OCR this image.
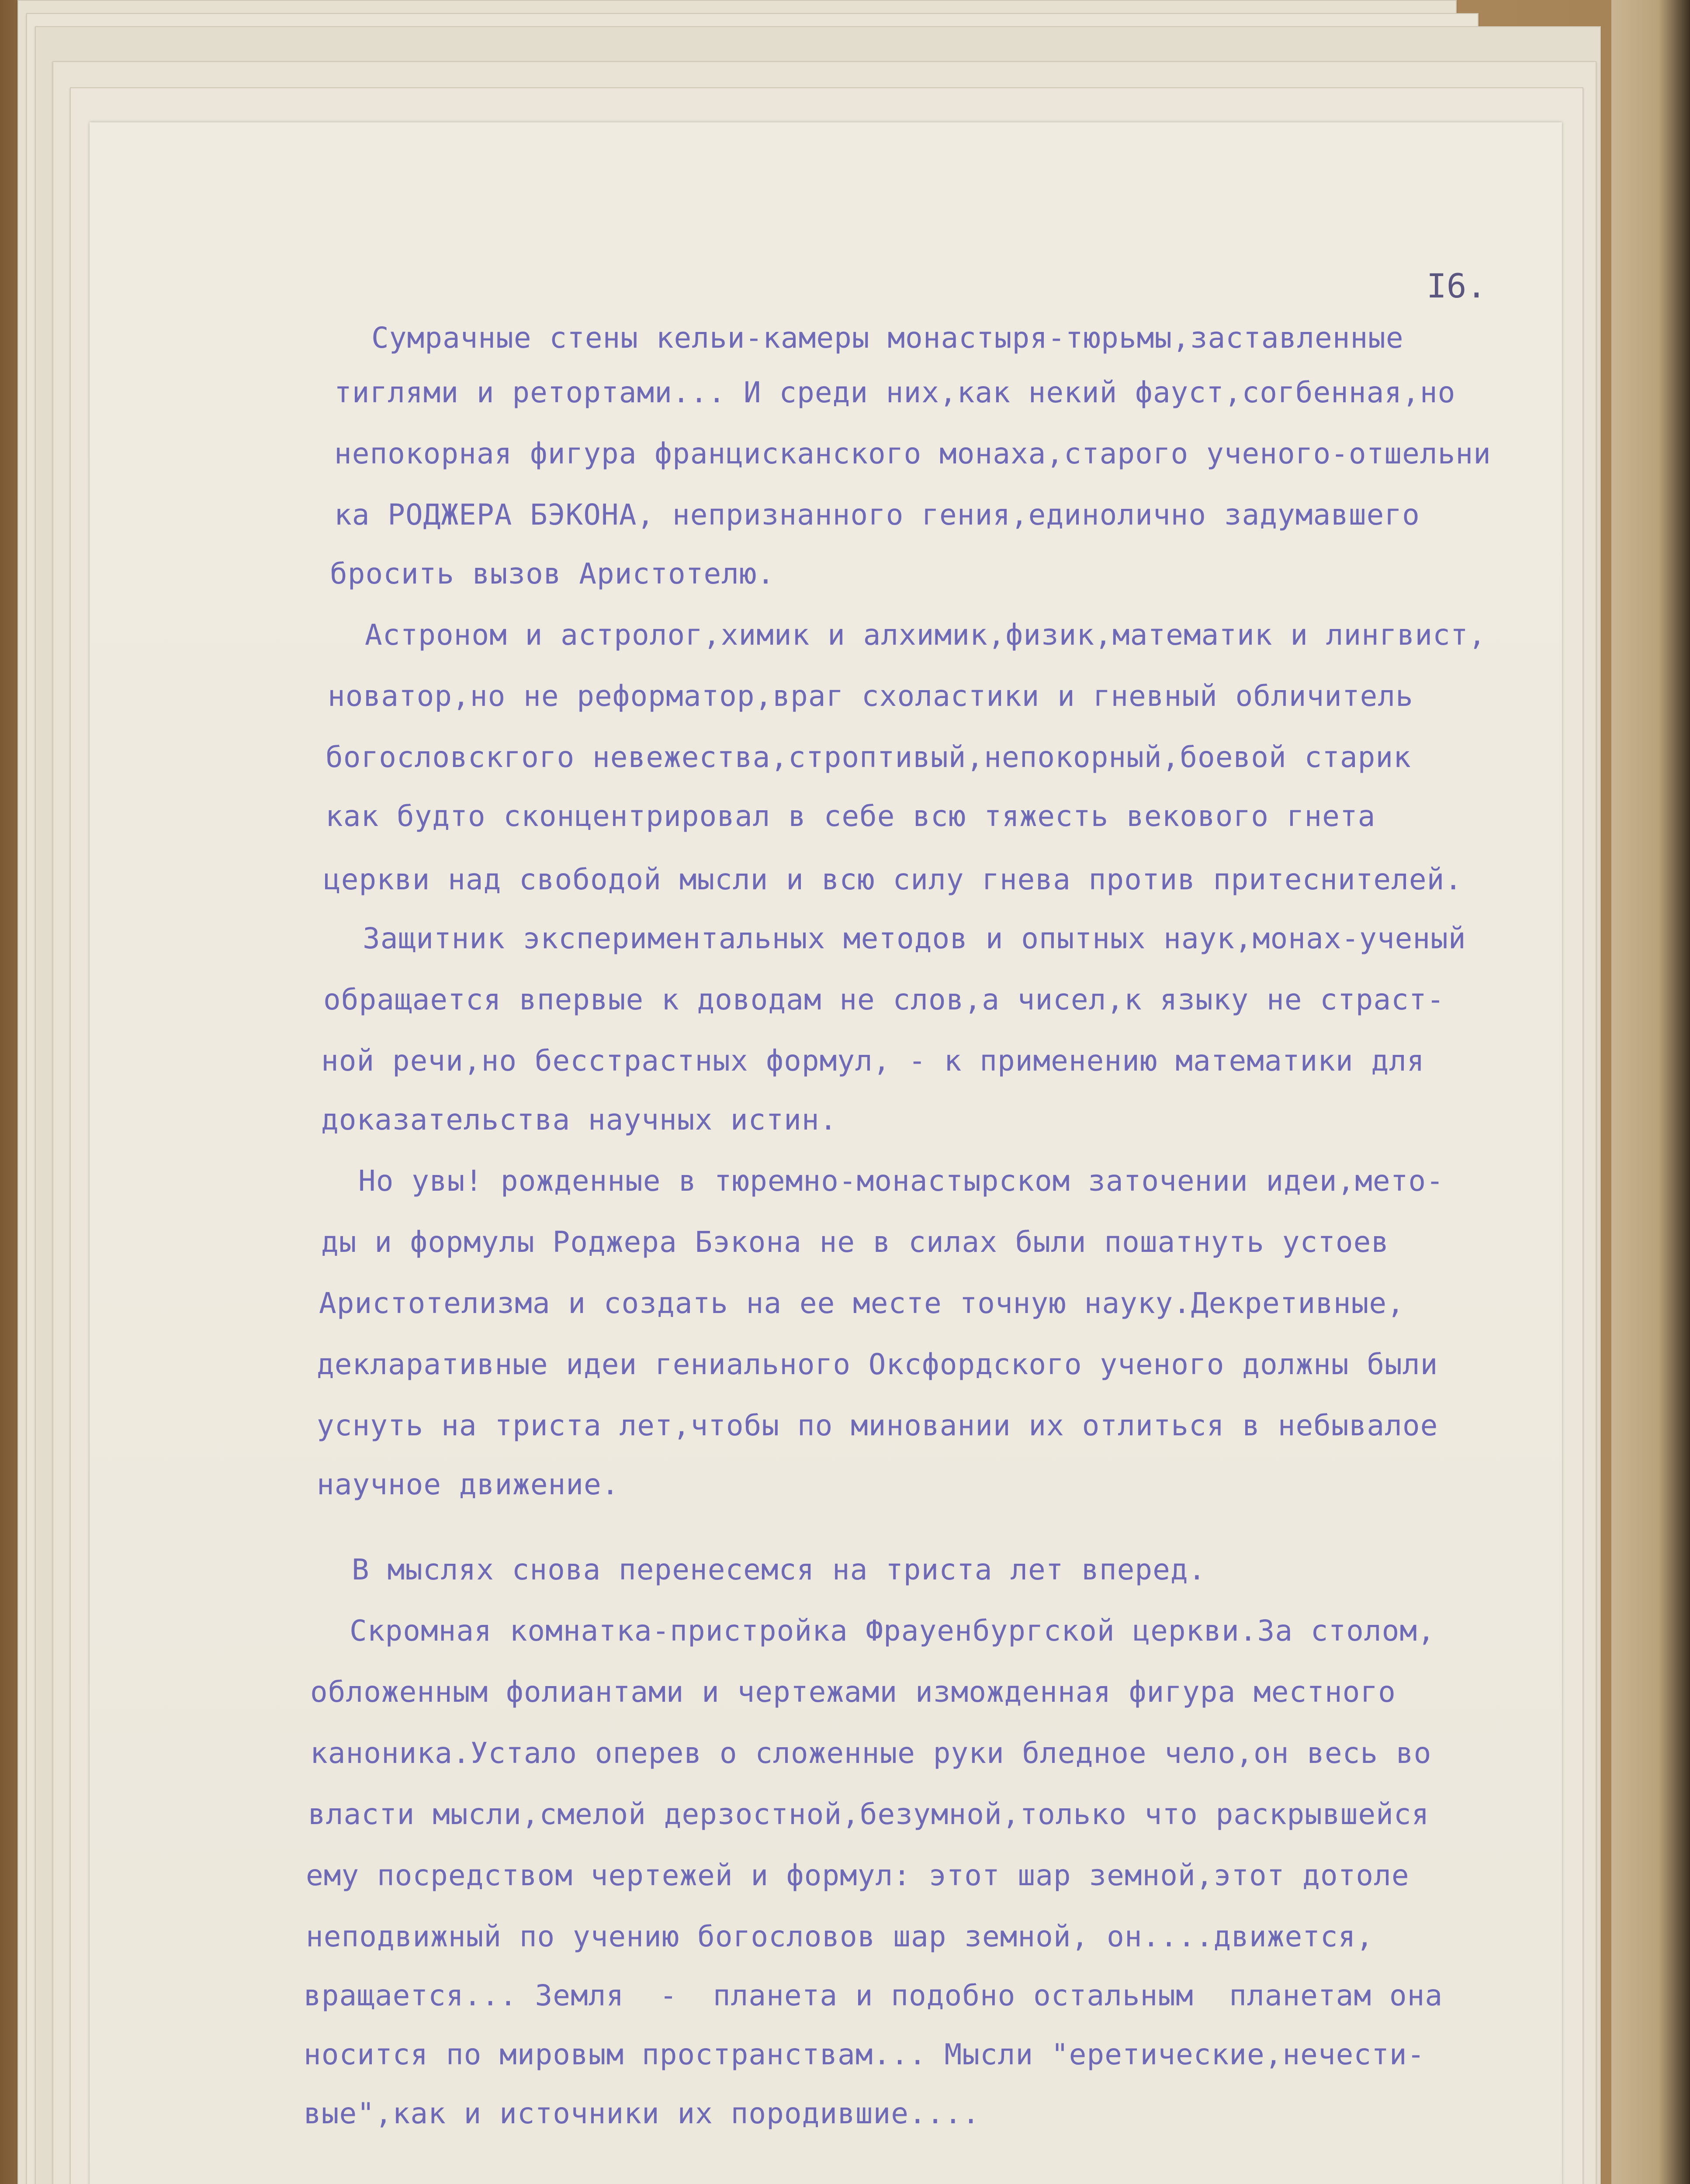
I6.
Сумрачные стены кельи-камеры монастыря-тюрьмы,заставленные
тиглями и ретортами... И среди них,как некий фауст,согбенная,но
непокорная фигура францисканского монаха,старого ученого-отшельни
ка РОДЖЕРА БЭКОНА, непризнанного гения,единолично задумавшего
бросить вызов Аристотелю.
Астроном и астролог,химик и алхимик,физик,математик и лингвист,
новатор,но не реформатор,враг схоластики и гневный обличитель
богословскгого невежества,строптивый,непокорный,боевой старик
как будто сконцентрировал в себе всю тяжесть векового гнета
церкви над свободой мысли и всю силу гнева против притеснителей.
Защитник экспериментальных методов и опытных наук,монах-ученый
обращается впервые к доводам не слов,а чисел,к языку не страст-
ной речи,но бесстрастных формул, - к применению математики для
доказательства научных истин.
Но увы! рожденные в тюремно-монастырском заточении идеи,мето-
ды и формулы Роджера Бэкона не в силах были пошатнуть устоев
Аристотелизма и создать на ее месте точную науку.Декретивные,
декларативные идеи гениального Оксфордского ученого должны были
уснуть на триста лет,чтобы по миновании их отлиться в небывалое
научное движение.
В мыслях снова перенесемся на триста лет вперед.
Скромная комнатка-пристройка Фрауенбургской церкви.За столом,
обложенным фолиантами и чертежами изможденная фигура местного
каноника.Устало оперев о сложенные руки бледное чело,он весь во
власти мысли,смелой дерзостной,безумной,только что раскрывшейся
ему посредством чертежей и формул: этот шар земной,этот дотоле
неподвижный по учению богословов шар земной, он....движется,
вращается... Земля  -  планета и подобно остальным  планетам она
носится по мировым пространствам... Мысли "еретические,нечести-
вые",как и источники их породившие....
